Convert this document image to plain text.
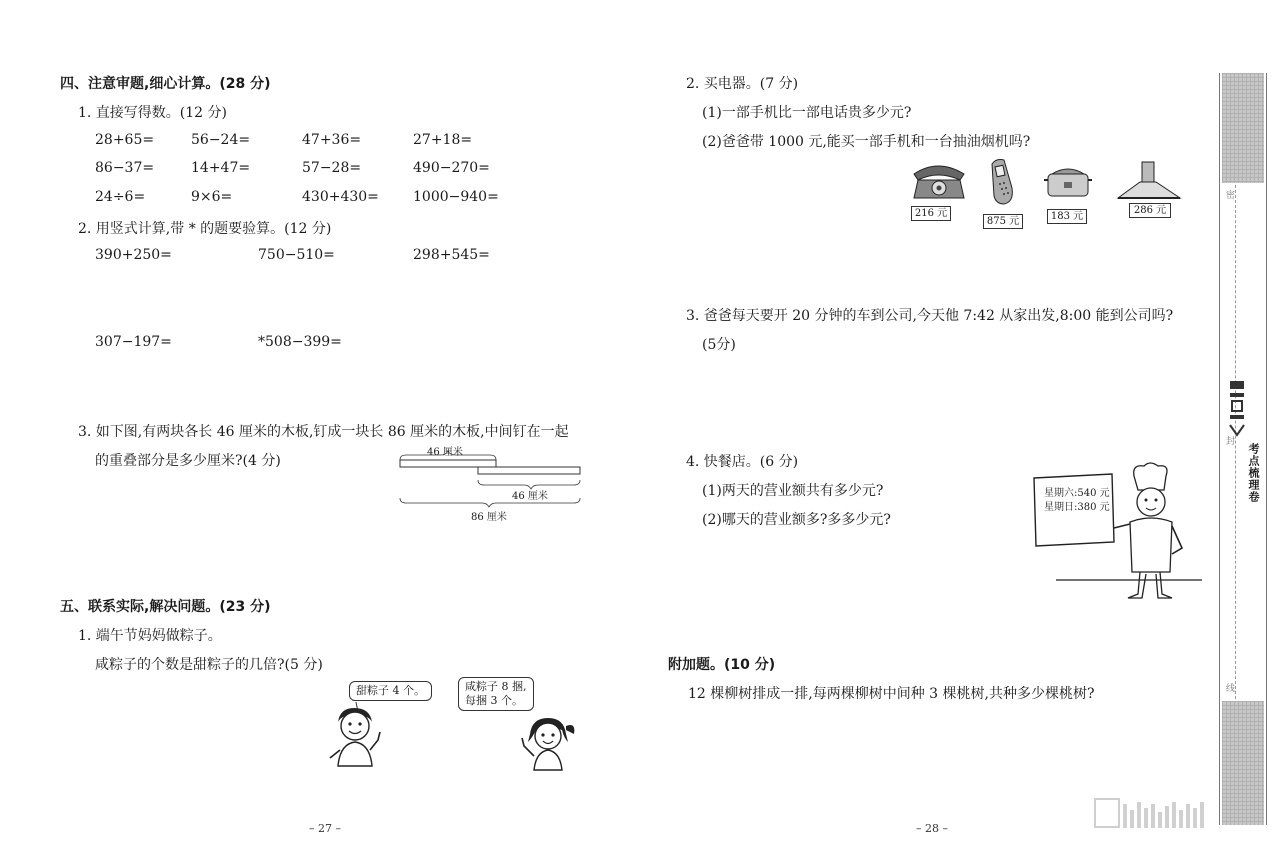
四、注意审题,细心计算。(28 分)
1. 直接写得数。(12 分)
28+65=	56−24=	47+36=	27+18=
86−37=	14+47=	57−28=	490−270=
24÷6=	9×6=	430+430= 1000−940=
2. 用竖式计算,带 * 的题要验算。(12 分)
390+250=	750−510=	298+545=
307−197=	*508−399=
3. 如下图,有两块各长 46 厘米的木板,钉成一块长 86 厘米的木板,中间钉在一起
的重叠部分是多少厘米?(4 分)
46 厘米
46 厘米
86 厘米
五、联系实际,解决问题。(23 分)
1. 端午节妈妈做粽子。
咸粽子的个数是甜粽子的几倍?(5 分)
甜粽子 4 个。	咸粽子 8 捆,
每捆 3 个。
– 27 –
2. 买电器。(7 分)
(1)一部手机比一部电话贵多少元?
(2)爸爸带 1000 元,能买一部手机和一台抽油烟机吗?
216 元
875 元	183 元
286 元
3. 爸爸每天要开 20 分钟的车到公司,今天他 7:42 从家出发,8:00 能到公司吗?
(5分)
4. 快餐店。(6 分)
(1)两天的营业额共有多少元?
(2)哪天的营业额多?多多少元?
星期六:540 元
星期日:380 元
附加题。(10 分)
12 棵柳树排成一排,每两棵柳树中间种 3 棵桃树,共种多少棵桃树?
– 28 –
密
封
线
考点梳理卷
